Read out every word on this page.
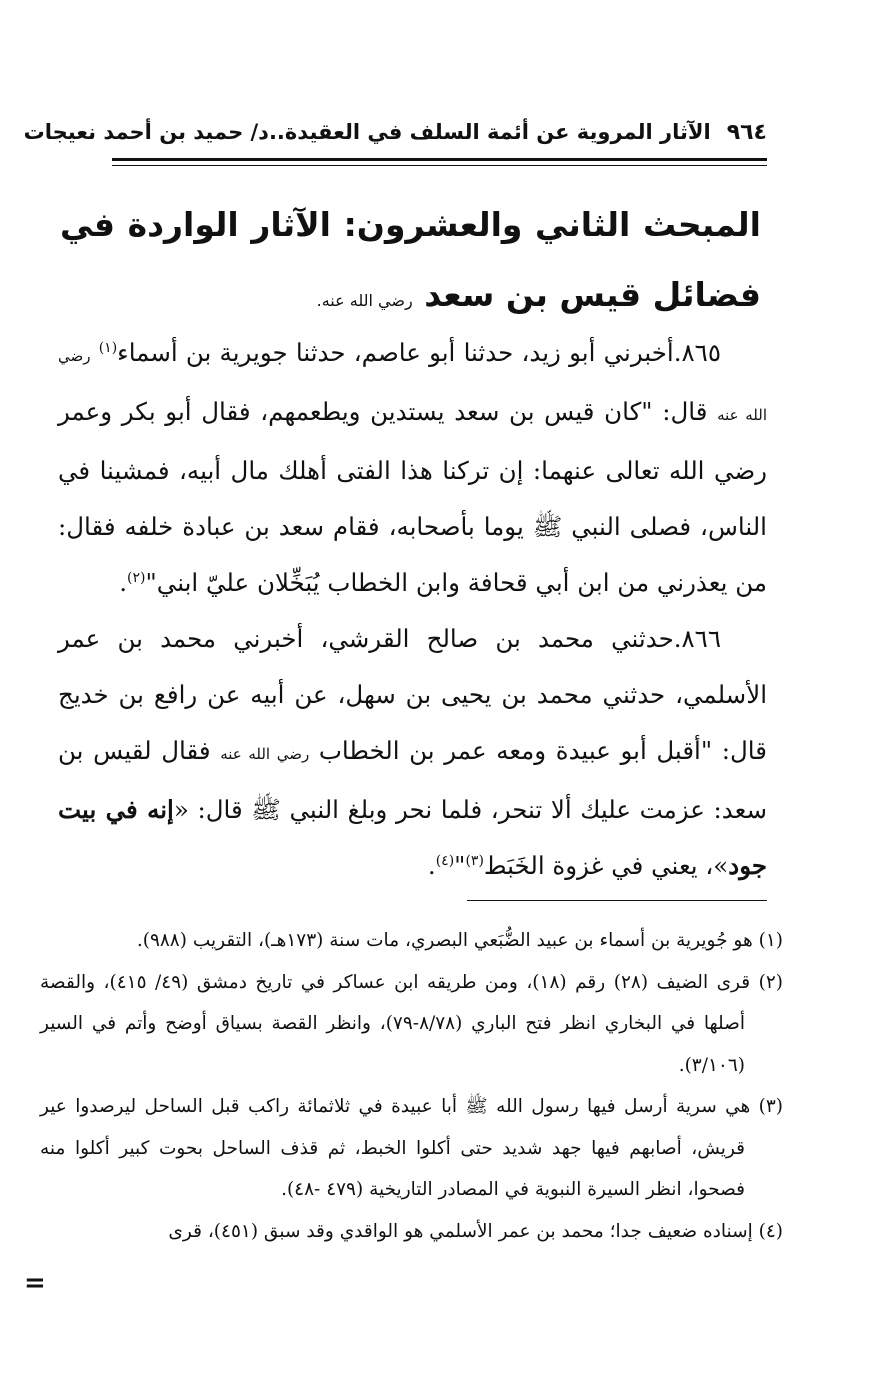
٩٦٤
الآثار المروية عن أئمة السلف في العقيدة..د/ حميد بن أحمد نعيجات
المبحث الثاني والعشرون: الآثار الواردة في فضائل قيس بن سعد رضي الله عنه.

٨٦٥.أخبرني أبو زيد، حدثنا أبو عاصم، حدثنا جويرية بن أسماء$^{(١)}$ رضي الله عنه قال: "كان قيس بن سعد يستدين ويطعمهم، فقال أبو بكر وعمر رضي الله تعالى عنهما: إن تركنا هذا الفتى أهلك مال أبيه، فمشينا في الناس، فصلى النبي ﷺ يوما بأصحابه، فقام سعد بن عبادة خلفه فقال: من يعذرني من ابن أبي قحافة وابن الخطاب يُبَخِّلان عليّ ابني"$^{(٢)}$.

٨٦٦.حدثني محمد بن صالح القرشي، أخبرني محمد بن عمر الأسلمي، حدثني محمد بن يحيى بن سهل، عن أبيه عن رافع بن خديج قال: "أقبل أبو عبيدة ومعه عمر بن الخطاب رضي الله عنه فقال لقيس بن سعد: عزمت عليك ألا تنحر، فلما نحر وبلغ النبي ﷺ قال: «إنه في بيت جود»، يعني في غزوة الخَبَط$^{(٣)}$"$^{(٤)}$.

(١) هو جُويرية بن أسماء بن عبيد الضُّبَعي البصري، مات سنة (١٧٣هـ)، التقريب (٩٨٨).

(٢) قرى الضيف (٢٨) رقم (١٨)، ومن طريقه ابن عساكر في تاريخ دمشق (٤٩/ ٤١٥)، والقصة أصلها في البخاري انظر فتح الباري (٨/٧٨-٧٩)، وانظر القصة بسياق أوضح وأتم في السير (٣/١٠٦).

(٣) هي سرية أرسل فيها رسول الله ﷺ أبا عبيدة في ثلاثمائة راكب قبل الساحل ليرصدوا عير قريش، أصابهم فيها جهد شديد حتى أكلوا الخبط، ثم قذف الساحل بحوت كبير أكلوا منه فصحوا، انظر السيرة النبوية في المصادر التاريخية (٤٧٩ -٤٨).

(٤) إسناده ضعيف جدا؛ محمد بن عمر الأسلمي هو الواقدي وقد سبق (٤٥١)، قرى

=
